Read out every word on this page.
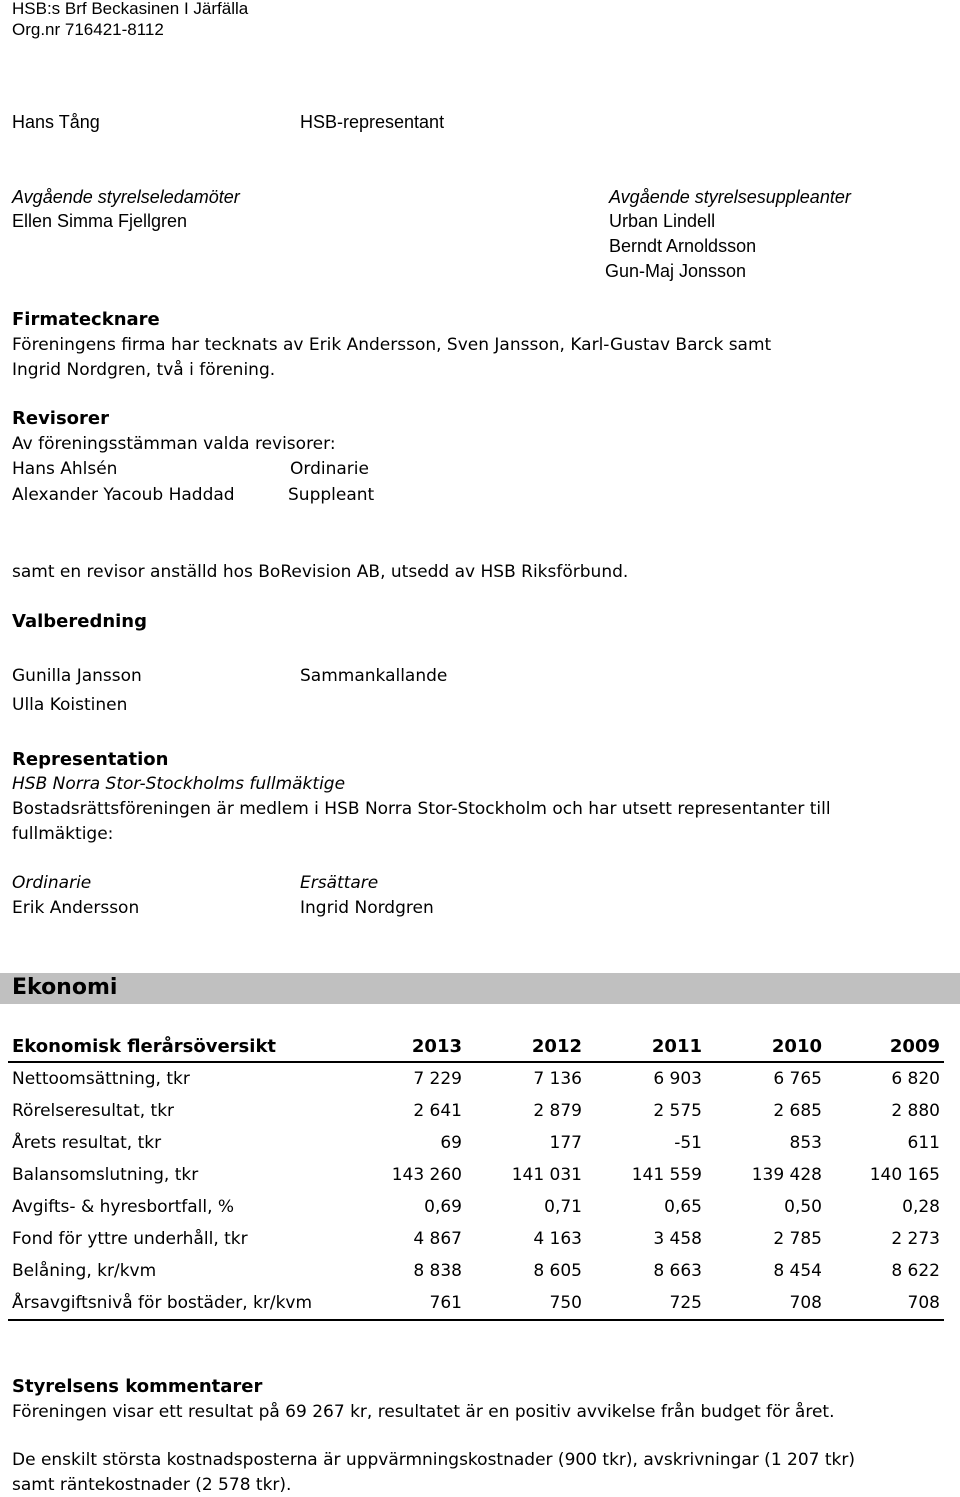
HSB:s Brf Beckasinen I Järfälla
Org.nr 716421-8112
Hans Tång	HSB-representant
Avgående styrelseledamöter
Ellen Simma Fjellgren
Avgående styrelsesuppleanter
Urban Lindell
Berndt Arnoldsson
Gun-Maj Jonsson
Firmatecknare
Föreningens firma har tecknats av Erik Andersson, Sven Jansson, Karl-Gustav Barck samt
Ingrid Nordgren, två i förening.
Revisorer
Av föreningsstämman valda revisorer:
Hans Ahlsén	Ordinarie
Alexander Yacoub Haddad	Suppleant
samt en revisor anställd hos BoRevision AB, utsedd av HSB Riksförbund.
Valberedning
Gunilla Jansson	Sammankallande
Ulla Koistinen
Representation
HSB Norra Stor-Stockholms fullmäktige
Bostadsrättsföreningen är medlem i HSB Norra Stor-Stockholm och har utsett representanter till
fullmäktige:
Ordinarie
Erik Andersson
Ersättare
Ingrid Nordgren
Ekonomi
Ekonomisk flerårsöversikt	2013	2012	2011	2010	2009
Nettoomsättning, tkr	7 229	7 136	6 903	6 765	6 820
Rörelseresultat, tkr	2 641	2 879	2 575	2 685	2 880
Årets resultat, tkr	69	177	-51	853	611
Balansomslutning, tkr	143 260	141 031	141 559	139 428	140 165
Avgifts- & hyresbortfall, %	0,69	0,71	0,65	0,50	0,28
Fond för yttre underhåll, tkr	4 867	4 163	3 458	2 785	2 273
Belåning, kr/kvm	8 838	8 605	8 663	8 454	8 622
Årsavgiftsnivå för bostäder, kr/kvm	761	750	725	708	708
Styrelsens kommentarer
Föreningen visar ett resultat på 69 267 kr, resultatet är en positiv avvikelse från budget för året.
De enskilt största kostnadsposterna är uppvärmningskostnader (900 tkr), avskrivningar (1 207 tkr)
samt räntekostnader (2 578 tkr).
